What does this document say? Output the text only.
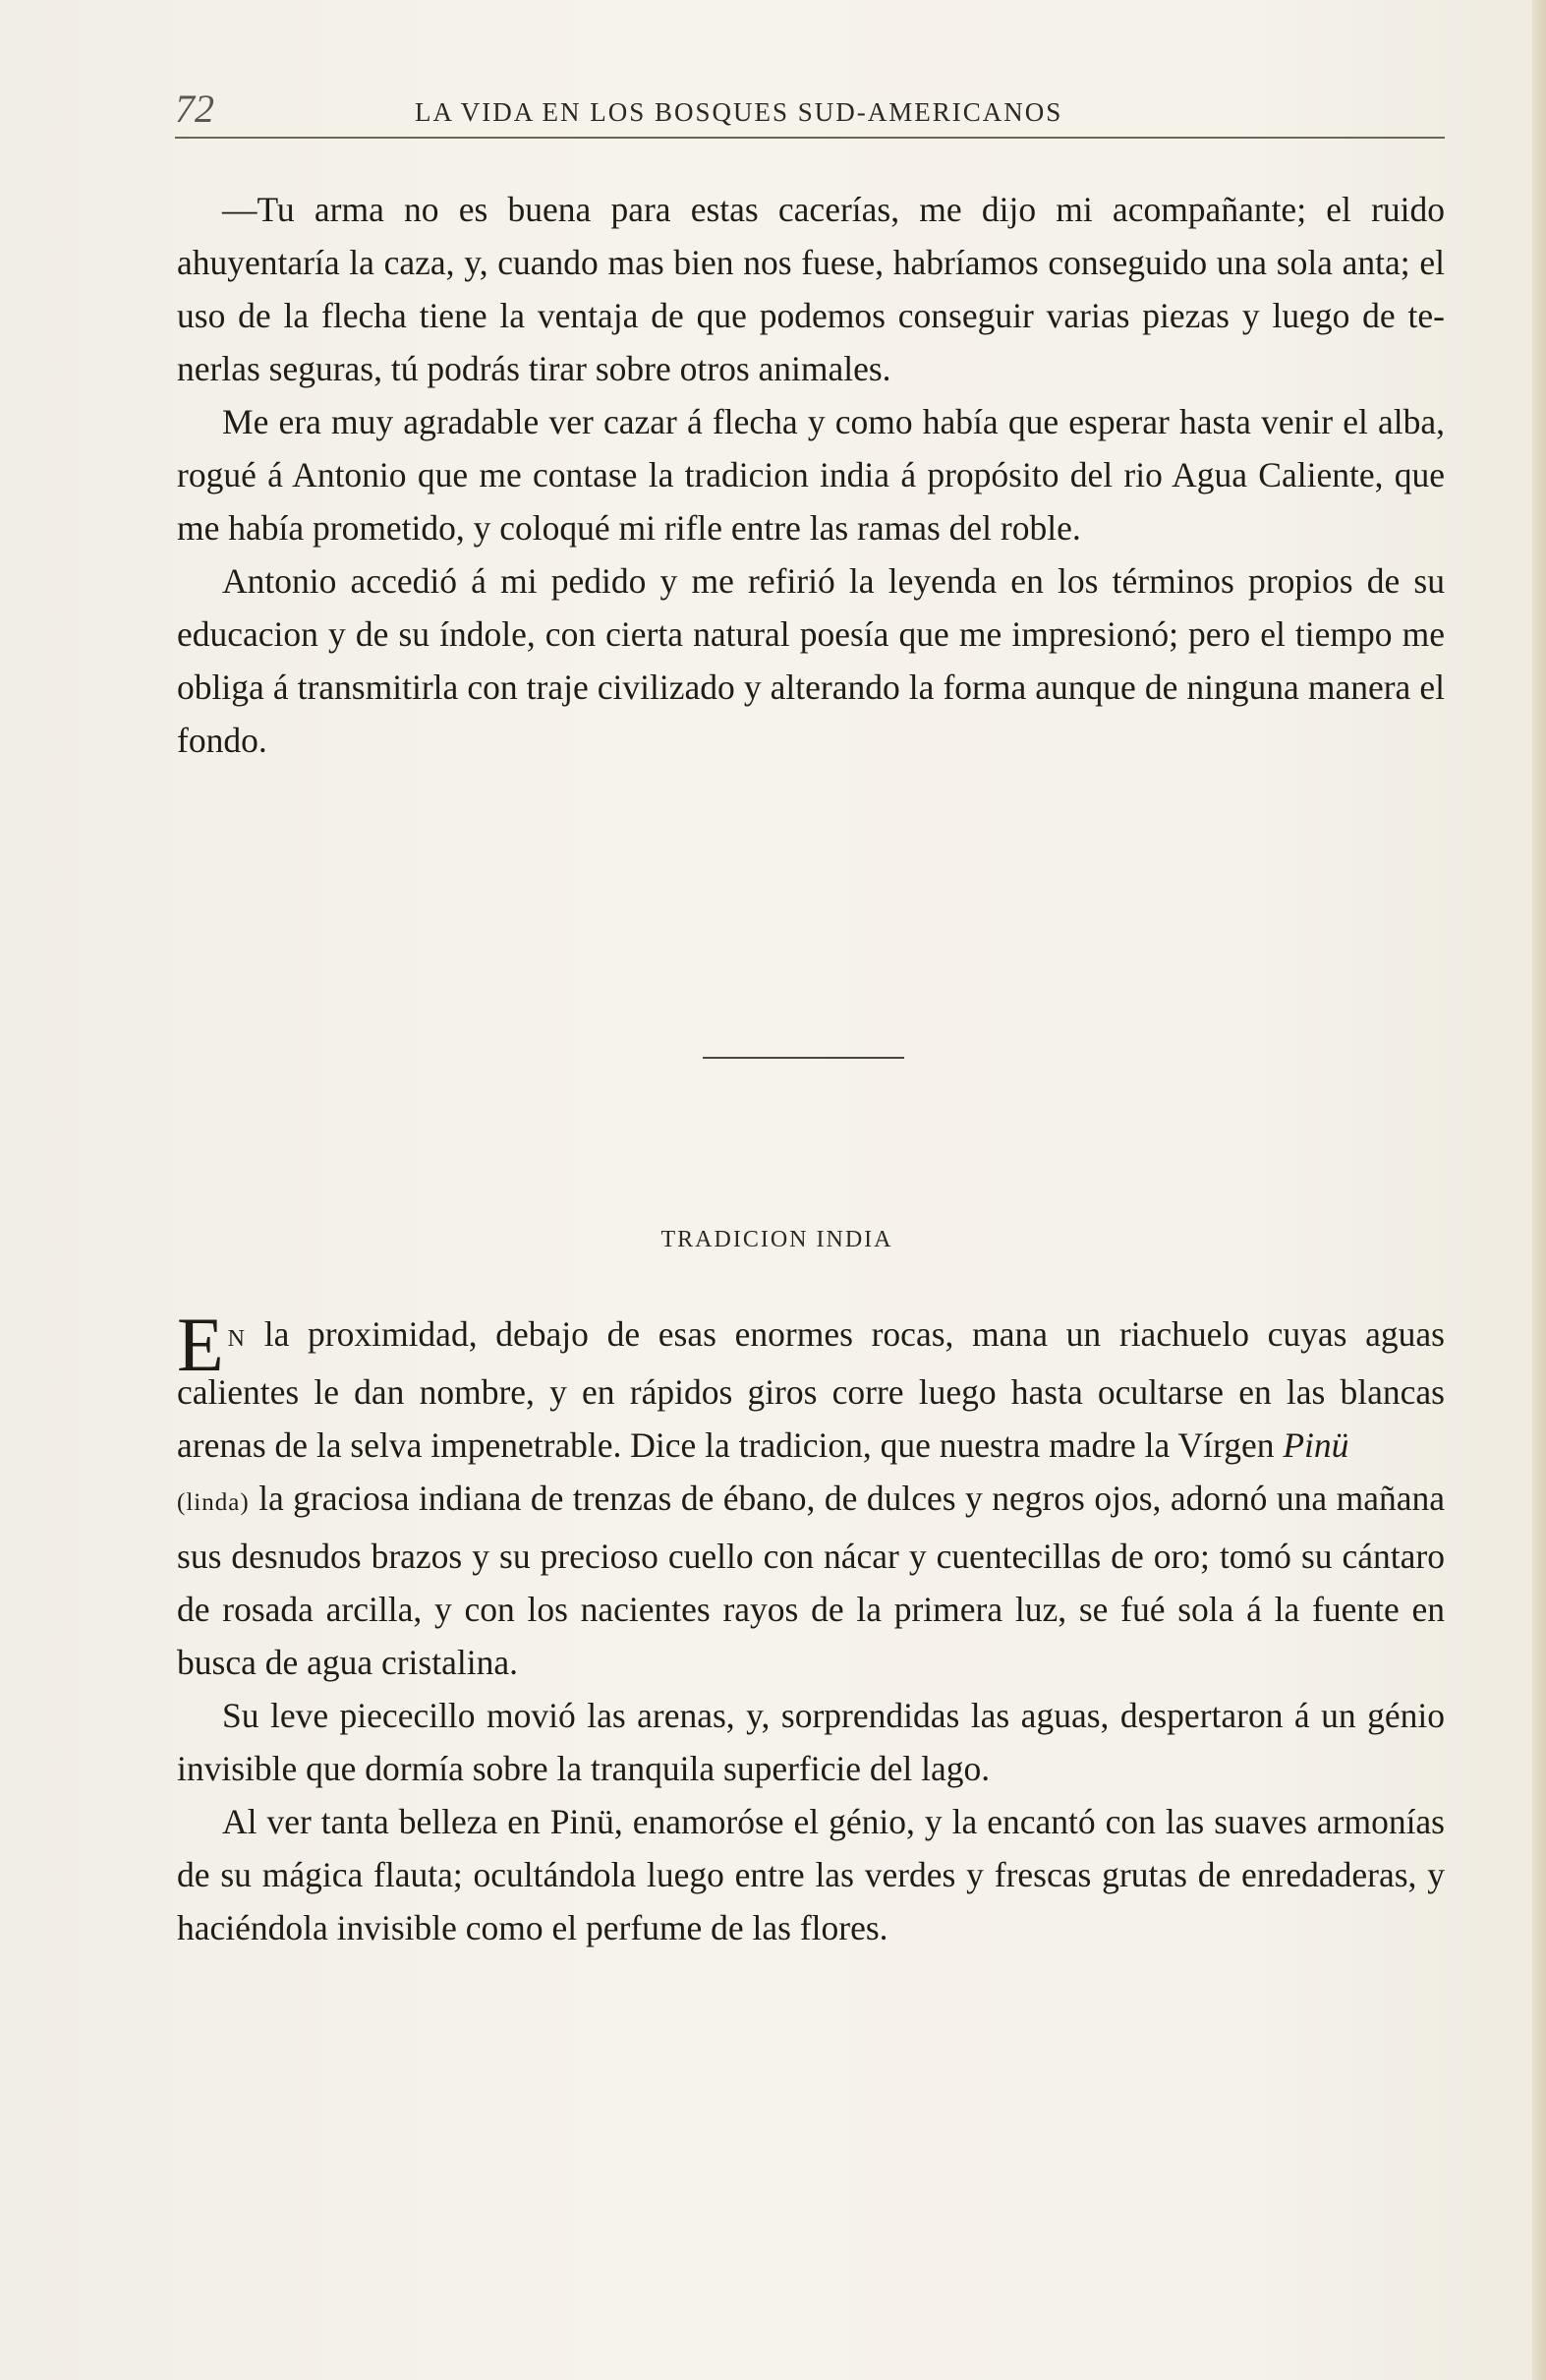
72	LA VIDA EN LOS BOSQUES SUD-AMERICANOS

—Tu arma no es buena para estas cacerías, me dijo mi acompañante; el ruido ahuyentaría la caza, y, cuando mas bien nos fuese, habríamos conseguido una sola anta; el uso de la flecha tiene la ventaja de que podemos conseguir varias piezas y luego de tenerlas seguras, tú podrás tirar sobre otros animales.

Me era muy agradable ver cazar á flecha y como había que esperar hasta venir el alba, rogué á Antonio que me contase la tradicion india á propósito del rio Agua Caliente, que me había prometido, y coloqué mi rifle entre las ramas del roble.

Antonio accedió á mi pedido y me refirió la leyenda en los términos propios de su educacion y de su índole, con cierta natural poesía que me impresionó; pero el tiempo me obliga á transmitirla con traje civilizado y alterando la forma aunque de ninguna manera el fondo.

TRADICION INDIA

E N la proximidad, debajo de esas enormes rocas, mana un riachuelo cuyas aguas calientes le dan nombre, y en rápidos giros corre luego hasta ocultarse en las blancas arenas de la selva impenetrable. Dice la tradicion, que nuestra madre la Vírgen Pinü
(linda) la graciosa indiana de trenzas de ébano, de dulces y negros ojos, adornó una mañana sus desnudos brazos y su precioso cuello con nácar y cuentecillas de oro; tomó su cántaro de rosada arcilla, y con los nacientes rayos de la primera luz, se fué sola á la fuente en busca de agua cristalina.

Su leve piececillo movió las arenas, y, sorprendidas las aguas, despertaron á un génio invisible que dormía sobre la tranquila superficie del lago.

Al ver tanta belleza en Pinü, enamoróse el génio, y la encantó con las suaves armonías de su mágica flauta; ocultándola luego entre las verdes y frescas grutas de enredaderas, y haciéndola invisible como el perfume de las flores.
